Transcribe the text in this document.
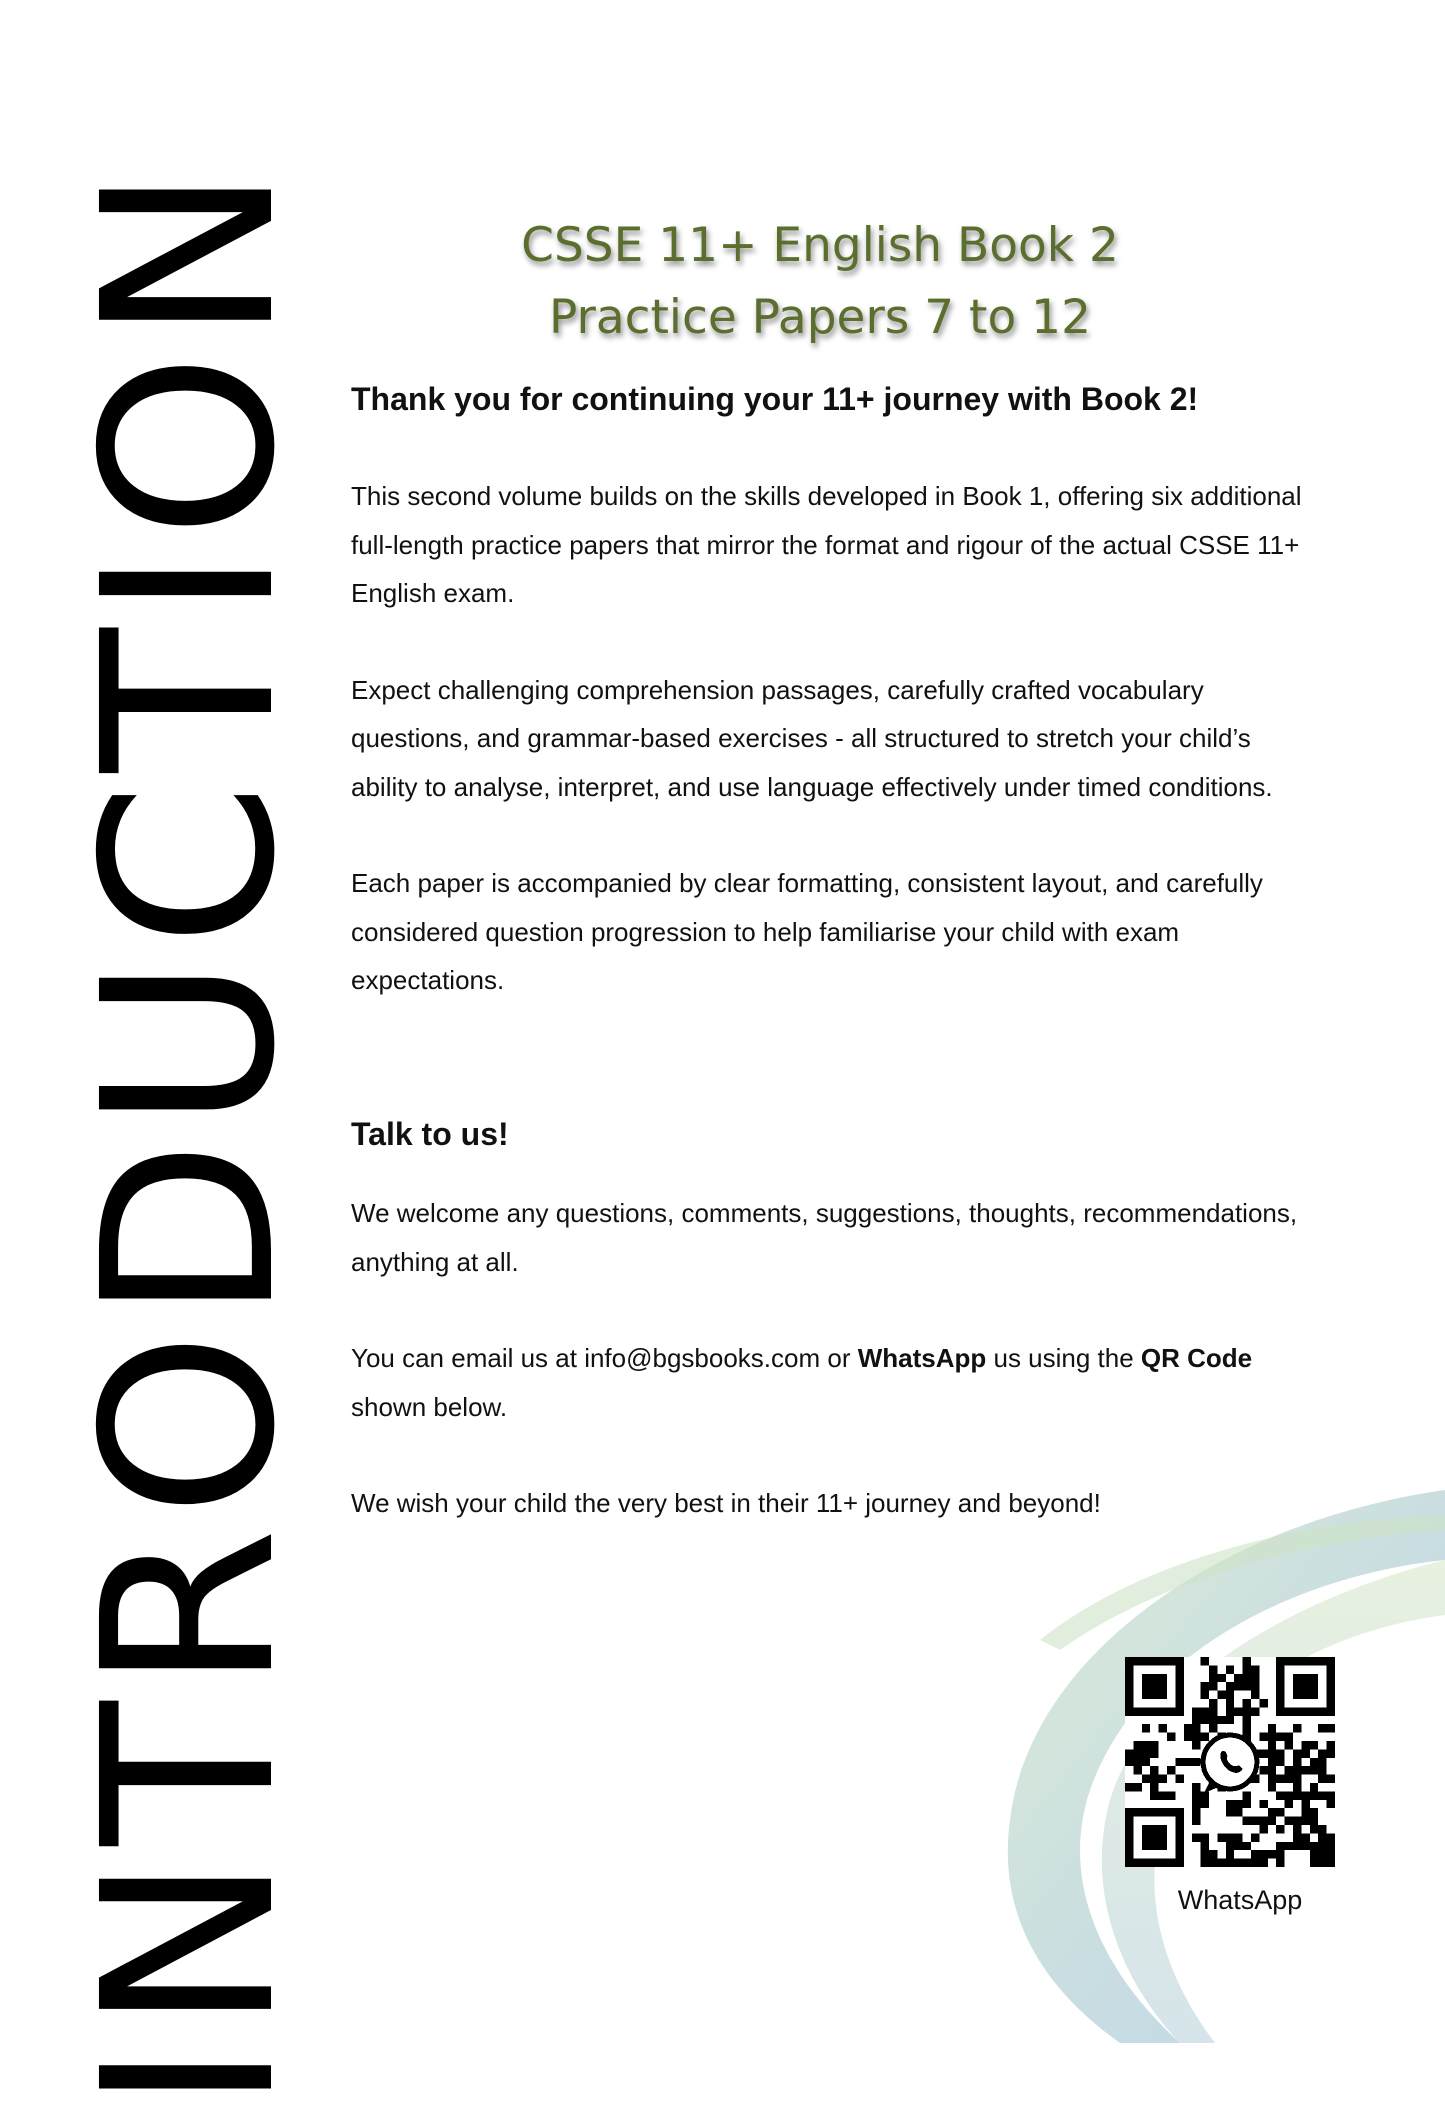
INTRODUCTION	CSSE 11+ English Book 2

Practice Papers 7 to 12

Thank you for continuing your 11+ journey with Book 2!

This second volume builds on the skills developed in Book 1, offering six additional full-length practice papers that mirror the format and rigour of the actual CSSE 11+ English exam.

Expect challenging comprehension passages, carefully crafted vocabulary questions, and grammar-based exercises - all structured to stretch your child’s ability to analyse, interpret, and use language effectively under timed conditions.

Each paper is accompanied by clear formatting, consistent layout, and carefully considered question progression to help familiarise your child with exam expectations.

Talk to us!

We welcome any questions, comments, suggestions, thoughts, recommendations, anything at all.

You can email us at info@bgsbooks.com or WhatsApp us using the QR Code shown below.

We wish your child the very best in their 11+ journey and beyond!

WhatsApp
